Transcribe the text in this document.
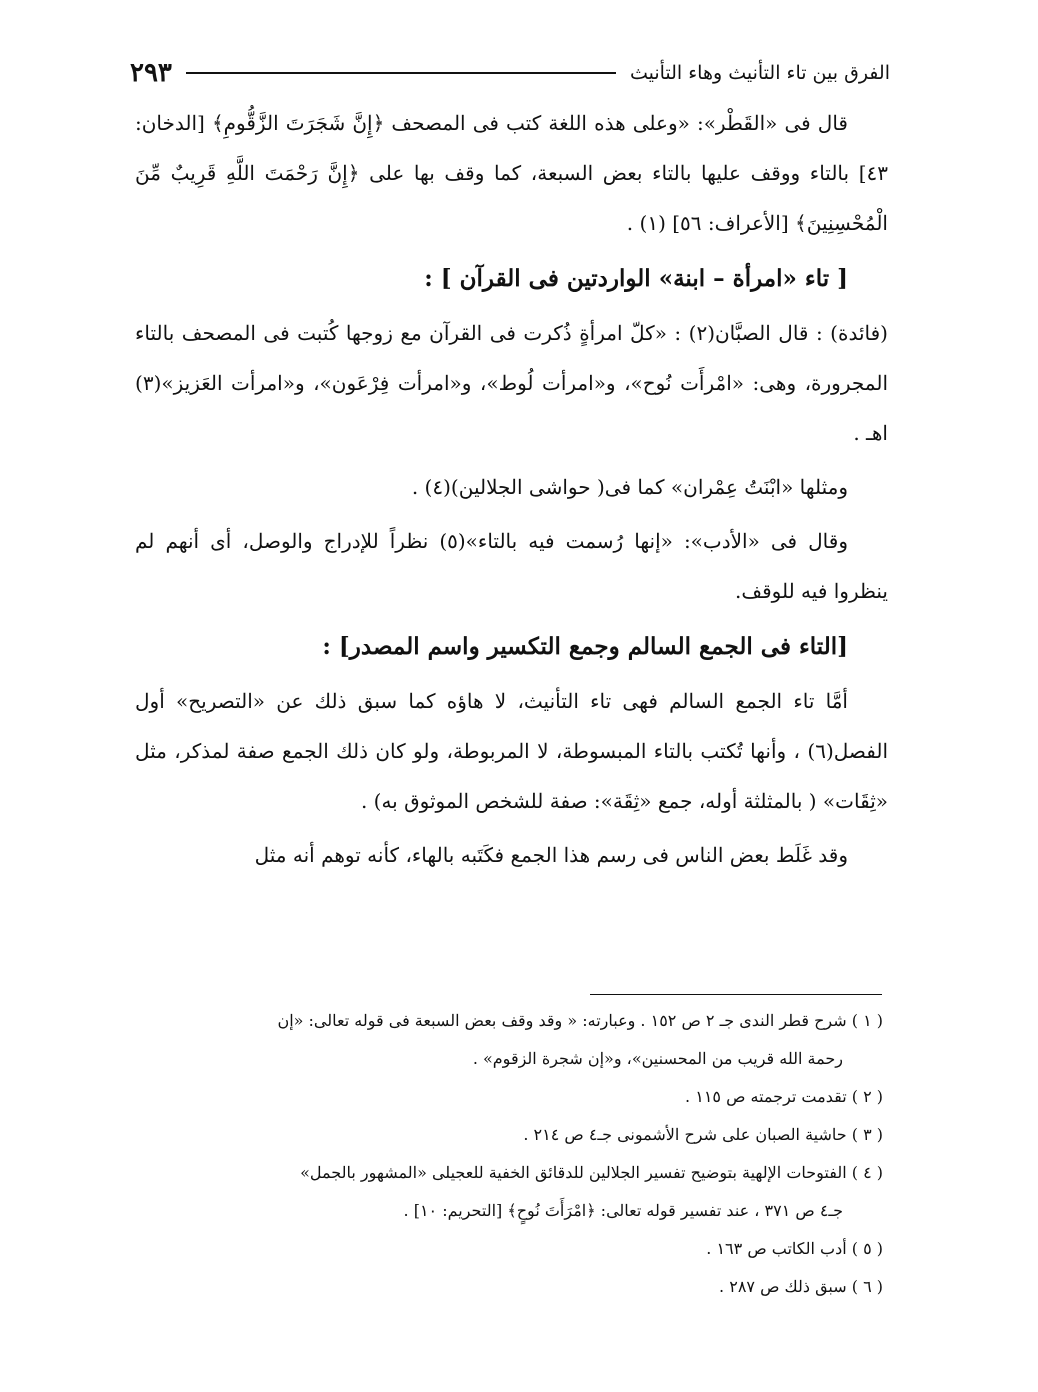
الفرق بين تاء التأنيث وهاء التأنيث
٢٩٣

قال فى «القَطْر»: «وعلى هذه اللغة كتب فى المصحف ﴿إِنَّ شَجَرَتَ الزَّقُّومِ﴾ [الدخان: ٤٣] بالتاء ووقف عليها بالتاء بعض السبعة، كما وقف بها على ﴿إِنَّ رَحْمَتَ اللَّهِ قَرِيبٌ مِّنَ الْمُحْسِنِينَ﴾ [الأعراف: ٥٦] (١) .

[ تاء «امرأة – ابنة» الواردتين فى القرآن ] :

(فائدة) : قال الصبَّان(٢) : «كلّ امرأةٍ ذُكرت فى القرآن مع زوجها كُتبت فى المصحف بالتاء المجرورة، وهى: «امْرأَت نُوح»، و«امرأت لُوط»، و«امرأت فِرْعَون»، و«امرأت العَزيز»(٣) اهـ .

ومثلها «ابْنَتُ عِمْران» كما فى( حواشى الجلالين)(٤) .

وقال فى «الأدب»: «إنها رُسمت فيه بالتاء»(٥) نظراً للإدراج والوصل، أى أنهم لم ينظروا فيه للوقف.

[التاء فى الجمع السالم وجمع التكسير واسم المصدر] :

أمَّا تاء الجمع السالم فهى تاء التأنيث، لا هاؤه كما سبق ذلك عن «التصريح» أول الفصل(٦) ، وأنها تُكتب بالتاء المبسوطة، لا المربوطة، ولو كان ذلك الجمع صفة لمذكر، مثل «ثِقَات» ( بالمثلثة أوله، جمع «ثِقَة»: صفة للشخص الموثوق به) .

وقد غَلَط بعض الناس فى رسم هذا الجمع فكَتَبه بالهاء، كأنه توهم أنه مثل

( ١ ) شرح قطر الندى جـ ٢ ص ١٥٢ . وعبارته: « وقد وقف بعض السبعة فى قوله تعالى: «إن

رحمة الله قريب من المحسنين»، و«إن شجرة الزقوم» .

( ٢ ) تقدمت ترجمته ص ١١٥ .

( ٣ ) حاشية الصبان على شرح الأشمونى جـ٤ ص ٢١٤ .

( ٤ ) الفتوحات الإلهية بتوضيح تفسير الجلالين للدقائق الخفية للعجيلى «المشهور بالجمل»

جـ٤ ص ٣٧١ ، عند تفسير قوله تعالى: ﴿امْرَأَتَ نُوحٍ﴾ [التحريم: ١٠] .

( ٥ ) أدب الكاتب ص ١٦٣ .

( ٦ ) سبق ذلك ص ٢٨٧ .
